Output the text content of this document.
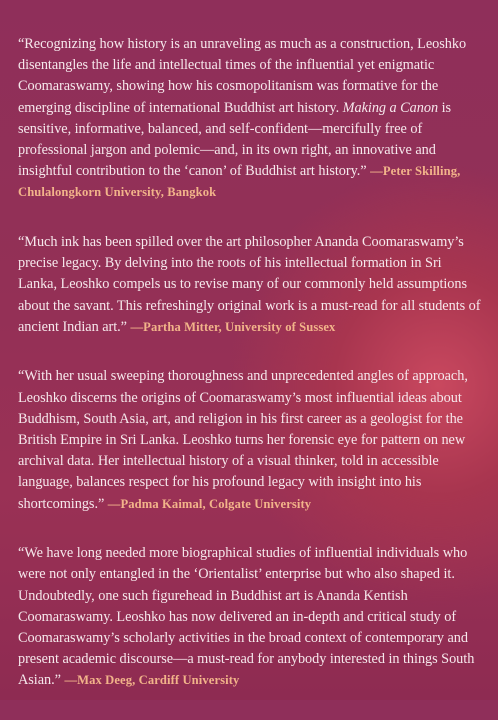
“Recognizing how history is an unraveling as much as a construction, Leoshko disentangles the life and intellectual times of the influential yet enigmatic Coomaraswamy, showing how his cosmopolitanism was formative for the emerging discipline of international Buddhist art history. Making a Canon is sensitive, informative, balanced, and self-confident—mercifully free of professional jargon and polemic—and, in its own right, an innovative and insightful contribution to the ‘canon’ of Buddhist art history.” —Peter Skilling, Chulalongkorn University, Bangkok

“Much ink has been spilled over the art philosopher Ananda Coomaraswamy’s precise legacy. By delving into the roots of his intellectual formation in Sri Lanka, Leoshko compels us to revise many of our commonly held assumptions about the savant. This refreshingly original work is a must-read for all students of ancient Indian art.” —Partha Mitter, University of Sussex

“With her usual sweeping thoroughness and unprecedented angles of approach, Leoshko discerns the origins of Coomaraswamy’s most influential ideas about Buddhism, South Asia, art, and religion in his first career as a geologist for the British Empire in Sri Lanka. Leoshko turns her forensic eye for pattern on new archival data. Her intellectual history of a visual thinker, told in accessible language, balances respect for his profound legacy with insight into his shortcomings.” —Padma Kaimal, Colgate University

“We have long needed more biographical studies of influential individuals who were not only entangled in the ‘Orientalist’ enterprise but who also shaped it. Undoubtedly, one such figurehead in Buddhist art is Ananda Kentish Coomaraswamy. Leoshko has now delivered an in-depth and critical study of Coomaraswamy’s scholarly activities in the broad context of contemporary and present academic discourse—a must-read for anybody interested in things South Asian.” —Max Deeg, Cardiff University
